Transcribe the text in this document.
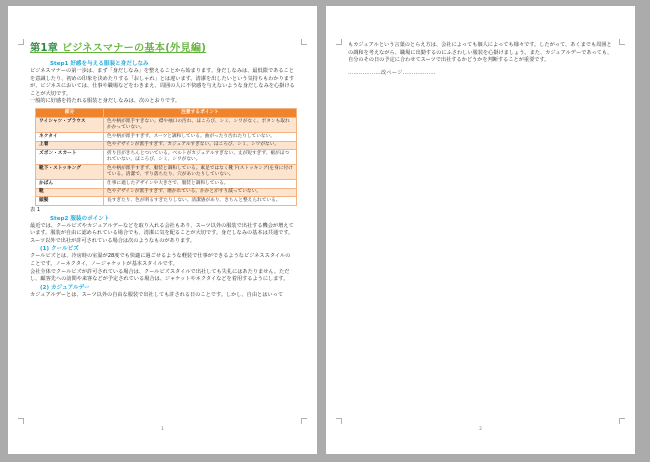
第1章 ビジネスマナーの基本(外見編)
Step1 好感を与える服装と身だしなみ

ビジネスマナーの第一歩は、まず「身だしなみ」を整えることから始まります。身だしなみは、最低限であることを意識したり、初めの印象を決めたりする「おしゃれ」とは違います。清潔を出したいという気持ちもわかりますが、ビジネスにおいては、仕事や職場などをわきまえ、周囲の人に不快感を与えないような身だしなみを心掛けることが大切です。

一般的に好感を持たれる服装と身だしなみは、次のとおりです。

部分	注意するポイント
ワイシャツ・ブラウス	色や柄が派手すぎない。襟や袖口の汚れ、ほころび、シミ、シワがなく、ボタンも取れかかっていない。
ネクタイ	色や柄が派手すぎず、スーツと調和している。曲がったり汚れたりしていない。
上着	色やデザインが派手すぎず、カジュアルすぎない。ほころび、シミ、シワがない。
ズボン・スカート	折り目がきちんとついている。ベルトがカジュアルすぎない。丈が短すぎず、裾がほつれていない。ほころび、シミ、シワがない。
靴下・ストッキング	色や柄が派手すぎず、服装と調和している。素足ではなく靴下(ストッキング)を身に付けている。清潔で、ずり落ちたり、穴があいたりしていない。
かばん	仕事に適したデザインや大きさで、服装と調和している。
靴	色やデザインが派手すぎず、磨かれている。かかとがすり減っていない。
頭髪	長すぎたり、色が明るすぎたりしない。清潔感があり、きちんと整えられている。

表 1

Step2 服装のポイント

最近では、クールビズやカジュアルデーなどを取り入れる会社もあり、スーツ以外の服装で出社する機会が増えています。服装が自由に認められている場合でも、清潔に気を配ることが大切です。身だしなみの基本は共通です。

スーツ以外で出社が許可されている場合は次のようなものがあります。

(1) クールビズ

クールビズとは、冷房時の室温が28度でも快適に過ごせるような軽装で仕事ができるようなビジネススタイルのことです。ノーネクタイ、ノージャケットが基本スタイルです。

会社全体でクールビズが許可されている場合は、クールビズスタイルで出社しても失礼にはあたりません。ただし、顧客先への訪問や来客などが予定されている場合は、ジャケットやネクタイなどを着用するようにします。

(2) カジュアルデー

カジュアルデーとは、スーツ以外の自由な服装で出社しても許される日のことです。しかし、自由とはいって

1

もカジュアルという言葉のとらえ方は、会社によっても個人によっても様々です。したがって、あくまでも周囲との調和を考えながら、職場に出勤するのにふさわしい服装を心掛けましょう。また、カジュアルデーであっても、自分のその日の予定に合わせてスーツで出社するかどうかを判断することが重要です。

………………改ページ………………
2
